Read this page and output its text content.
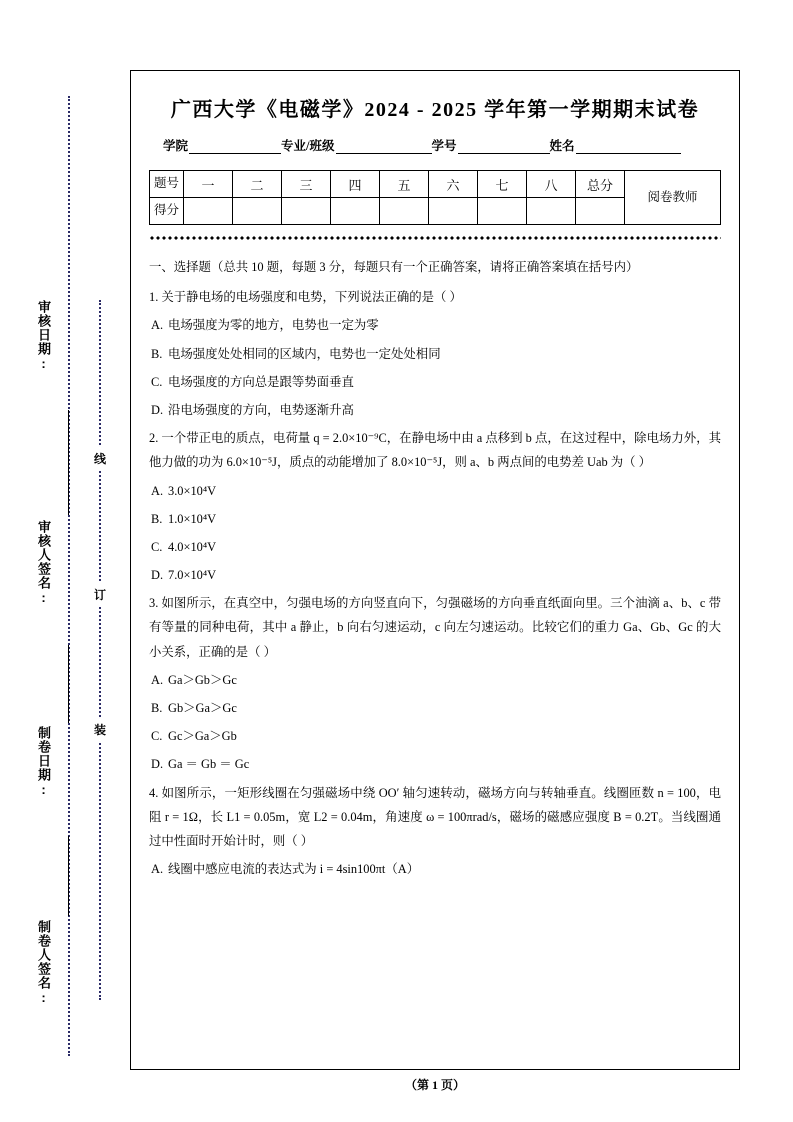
审核日期:
审核人签名:
制卷日期:
制卷人签名:
线
订
装
广西大学《电磁学》2024 - 2025 学年第一学期期末试卷
学院	专业/班级	学号	姓名
题号	一	二	三	四	五	六	七	八	总分	阅卷教师

得分										

一、选择题（总共 10 题，每题 3 分，每题只有一个正确答案，请将正确答案填在括号内）
1. 关于静电场的电场强度和电势，下列说法正确的是（ ）
A. 电场强度为零的地方，电势也一定为零
B. 电场强度处处相同的区域内，电势也一定处处相同
C. 电场强度的方向总是跟等势面垂直
D. 沿电场强度的方向，电势逐渐升高
2. 一个带正电的质点，电荷量 q = 2.0×10⁻⁹C，在静电场中由 a 点移到 b 点，在这过程中，除电场力外，其他力做的功为 6.0×10⁻⁵J，质点的动能增加了 8.0×10⁻⁵J，则 a、b 两点间的电势差 Uab 为（ ）
A. 3.0×10⁴V
B. 1.0×10⁴V
C. 4.0×10⁴V
D. 7.0×10⁴V
3. 如图所示，在真空中，匀强电场的方向竖直向下，匀强磁场的方向垂直纸面向里。三个油滴 a、b、c 带有等量的同种电荷，其中 a 静止，b 向右匀速运动，c 向左匀速运动。比较它们的重力 Ga、Gb、Gc 的大小关系，正确的是（ ）
A. Ga＞Gb＞Gc
B. Gb＞Ga＞Gc
C. Gc＞Ga＞Gb
D. Ga ＝ Gb ＝ Gc
4. 如图所示，一矩形线圈在匀强磁场中绕 OO′ 轴匀速转动，磁场方向与转轴垂直。线圈匝数 n = 100，电阻 r = 1Ω，长 L1 = 0.05m，宽 L2 = 0.04m，角速度 ω = 100πrad/s，磁场的磁感应强度 B = 0.2T。当线圈通过中性面时开始计时，则（ ）
A. 线圈中感应电流的表达式为 i = 4sin100πt（A）
（第 1 页）
